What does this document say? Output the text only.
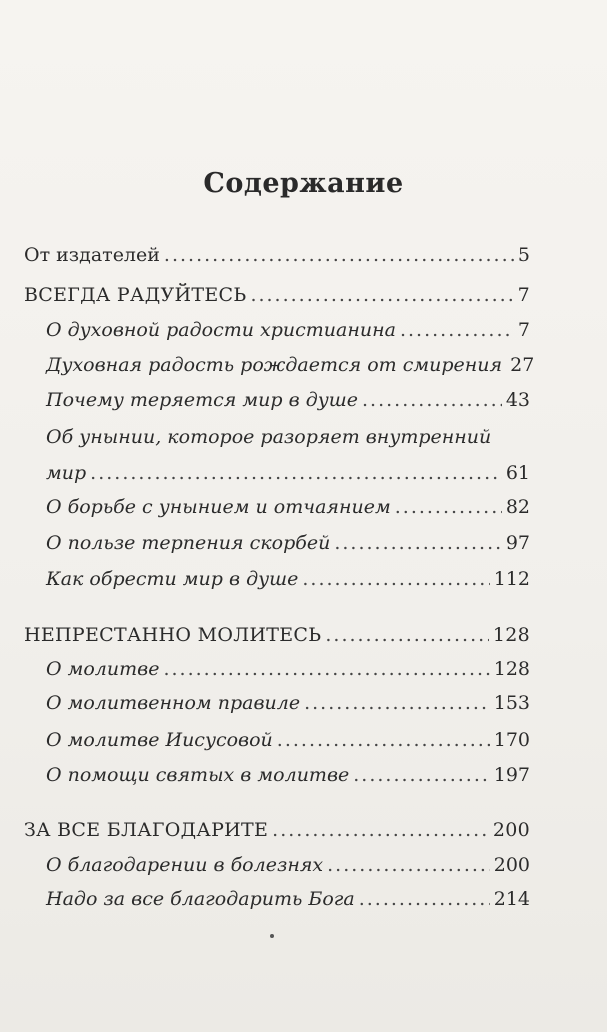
Содержание
От издателей .....	5
ВСЕГДА РАДУЙТЕСЬ .....	7
О духовной радости христианина .....	7
Духовная радость рождается от смирения 27
Почему теряется мир в душе .....	43
Об унынии, которое разоряет внутренний
мир .....	61
О борьбе с унынием и отчаянием .....	82
О пользе терпения скорбей .....	97
Как обрести мир в душе .....	112
НЕПРЕСТАННО МОЛИТЕСЬ .....	128
О молитве .....	128
О молитвенном правиле .....	153
О молитве Иисусовой .....	170
О помощи святых в молитве .....	197
ЗА ВСЕ БЛАГОДАРИТЕ .....	200
О благодарении в болезнях .....	200
Надо за все благодарить Бога .....	214
